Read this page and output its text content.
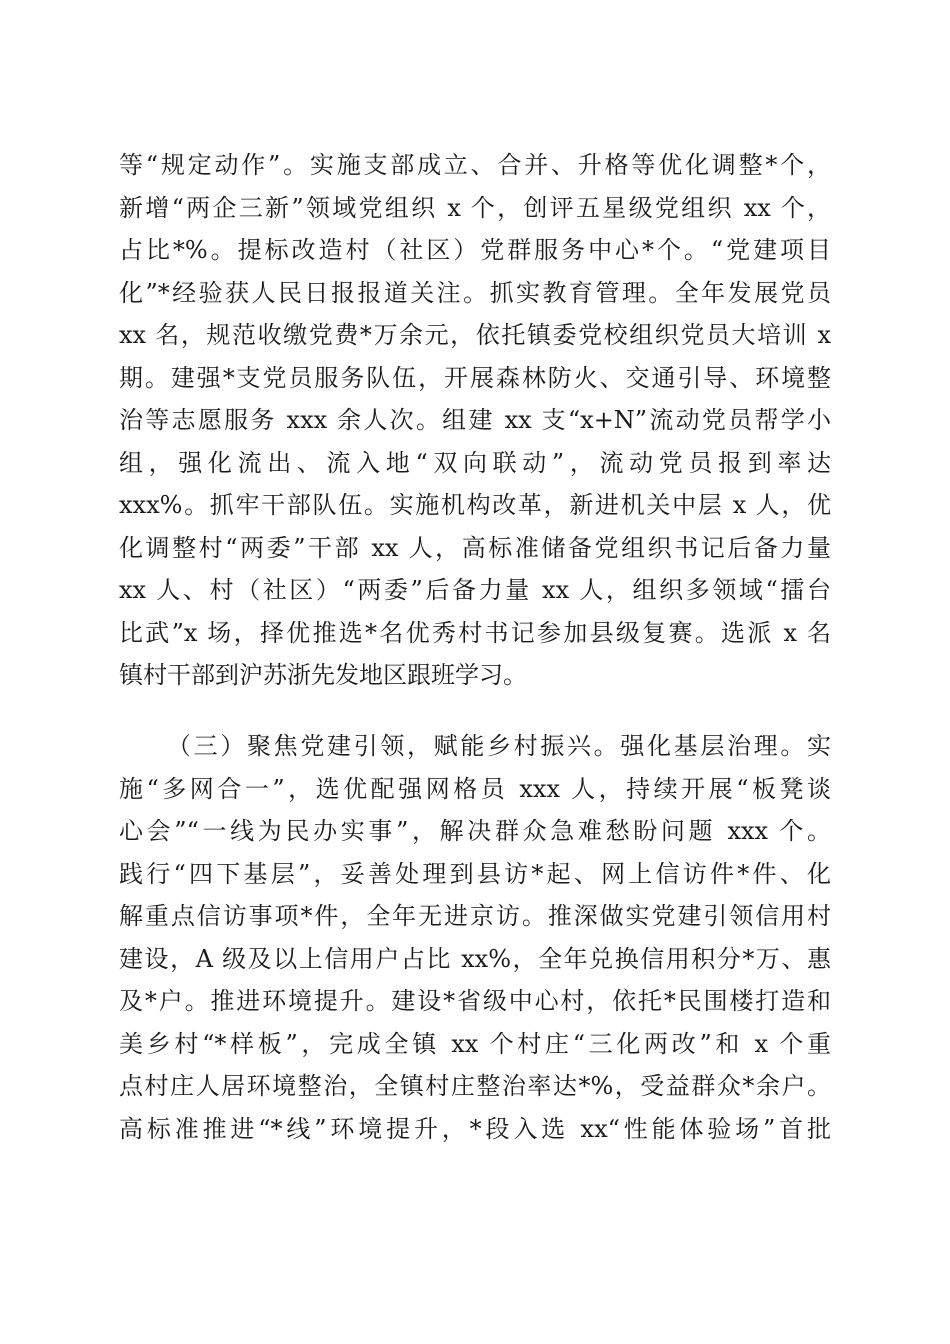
等“规定动作”。实施支部成立、合并、升格等优化调整*个，
新增“两企三新”领域党组织 x 个，创评五星级党组织 xx 个，
占比*%。提标改造村（社区）党群服务中心*个。“党建项目
化”*经验获人民日报报道关注。抓实教育管理。全年发展党员
xx 名，规范收缴党费*万余元，依托镇委党校组织党员大培训 x
期。建强*支党员服务队伍，开展森林防火、交通引导、环境整
治等志愿服务 xxx 余人次。组建 xx 支“x+N”流动党员帮学小
组，强化流出、流入地“双向联动”，流动党员报到率达
xxx%。抓牢干部队伍。实施机构改革，新进机关中层 x 人，优
化调整村“两委”干部 xx 人，高标准储备党组织书记后备力量
xx 人、村（社区）“两委”后备力量 xx 人，组织多领域“擂台
比武”x 场，择优推选*名优秀村书记参加县级复赛。选派 x 名
镇村干部到沪苏浙先发地区跟班学习。
（三）聚焦党建引领，赋能乡村振兴。强化基层治理。实
施“多网合一”，选优配强网格员 xxx 人，持续开展“板凳谈
心会”“一线为民办实事”，解决群众急难愁盼问题 xxx 个。
践行“四下基层”，妥善处理到县访*起、网上信访件*件、化
解重点信访事项*件，全年无进京访。推深做实党建引领信用村
建设，A 级及以上信用户占比 xx%，全年兑换信用积分*万、惠
及*户。推进环境提升。建设*省级中心村，依托*民围楼打造和
美乡村“*样板”，完成全镇 xx 个村庄“三化两改”和 x 个重
点村庄人居环境整治，全镇村庄整治率达*%，受益群众*余户。
高标准推进“*线”环境提升，*段入选 xx“性能体验场”首批
